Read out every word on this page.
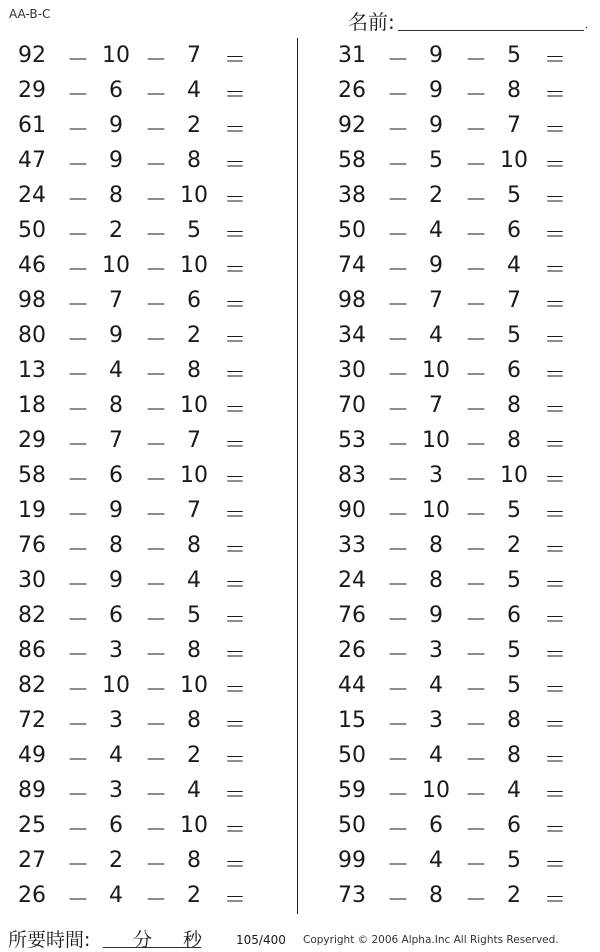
AA-B-C	名前:	.
92 － 10 － 7	＝
29 － 6 － 4	＝
61 － 9 － 2	＝
47 － 9 － 8	＝
24 － 8 － 10 ＝
50 － 2 － 5	＝
46 － 10 － 10 ＝
98 － 7 － 6	＝
80 － 9 － 2	＝
13 － 4 － 8	＝
18 － 8 － 10 ＝
29 － 7 － 7	＝
58 － 6 － 10 ＝
19 － 9 － 7	＝
76 － 8 － 8	＝
30 － 9 － 4	＝
82 － 6 － 5	＝
86 － 3 － 8	＝
82 － 10 － 10 ＝
72 － 3 － 8	＝
49 － 4 － 2	＝
89 － 3 － 4	＝
25 － 6 － 10 ＝
27 － 2 － 8	＝
26 － 4 － 2	＝
31 － 9 － 5	＝
26 － 9 － 8	＝
92 － 9 － 7	＝
58 － 5 － 10 ＝
38 － 2 － 5	＝
50 － 4 － 6	＝
74 － 9 － 4	＝
98 － 7 － 7	＝
34 － 4 － 5	＝
30 － 10 － 6	＝
70 － 7 － 8	＝
53 － 10 － 8	＝
83 － 3 － 10 ＝
90 － 10 － 5	＝
33 － 8 － 2	＝
24 － 8 － 5	＝
76 － 9 － 6	＝
26 － 3 － 5	＝
44 － 4 － 5	＝
15 － 3 － 8	＝
50 － 4 － 8	＝
59 － 10 － 4	＝
50 － 6 － 6	＝
99 － 4 － 5	＝
73 － 8 － 2	＝
所要時間: 分 秒	105/400 Copyright © 2006 Alpha.Inc All Rights Reserved.
